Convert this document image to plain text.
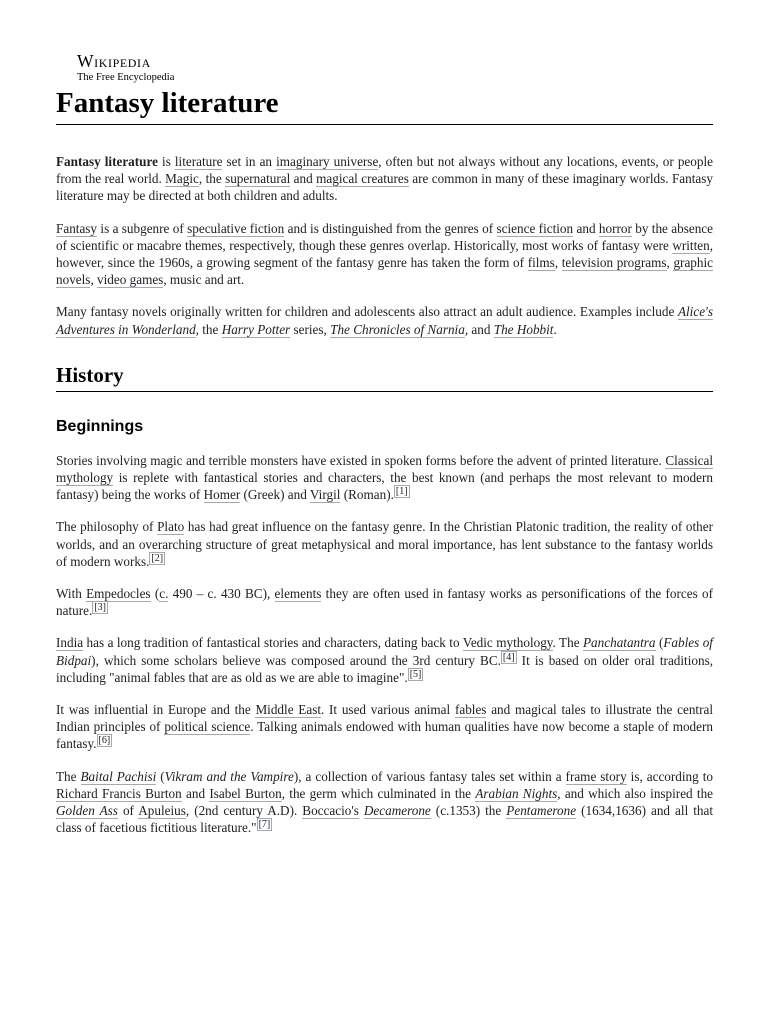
Wikipedia
The Free Encyclopedia
Fantasy literature

Fantasy literature is literature set in an imaginary universe, often but not always without any locations, events, or people from the real world. Magic, the supernatural and magical creatures are common in many of these imaginary worlds. Fantasy literature may be directed at both children and adults.

Fantasy is a subgenre of speculative fiction and is distinguished from the genres of science fiction and horror by the absence of scientific or macabre themes, respectively, though these genres overlap. Historically, most works of fantasy were written, however, since the 1960s, a growing segment of the fantasy genre has taken the form of films, television programs, graphic novels, video games, music and art.

Many fantasy novels originally written for children and adolescents also attract an adult audience. Examples include Alice's Adventures in Wonderland, the Harry Potter series, The Chronicles of Narnia, and The Hobbit.

History
Beginnings

Stories involving magic and terrible monsters have existed in spoken forms before the advent of printed literature. Classical mythology is replete with fantastical stories and characters, the best known (and perhaps the most relevant to modern fantasy) being the works of Homer (Greek) and Virgil (Roman). [1]

The philosophy of Plato has had great influence on the fantasy genre. In the Christian Platonic tradition, the reality of other worlds, and an overarching structure of great metaphysical and moral importance, has lent substance to the fantasy worlds of modern works. [2]

With Empedocles (c. 490 – c. 430 BC), elements they are often used in fantasy works as personifications of the forces of nature. [3]

India has a long tradition of fantastical stories and characters, dating back to Vedic mythology. The Panchatantra (Fables of Bidpai), which some scholars believe was composed around the 3rd century BC. [4] It is based on older oral traditions, including "animal fables that are as old as we are able to imagine". [5]

It was influential in Europe and the Middle East. It used various animal fables and magical tales to illustrate the central Indian principles of political science. Talking animals endowed with human qualities have now become a staple of modern fantasy. [6]

The Baital Pachisi (Vikram and the Vampire), a collection of various fantasy tales set within a frame story is, according to Richard Francis Burton and Isabel Burton, the germ which culminated in the Arabian Nights, and which also inspired the Golden Ass of Apuleius, (2nd century A.D). Boccacio's Decamerone (c.1353) the Pentamerone (1634,1636) and all that class of facetious fictitious literature." [7]
